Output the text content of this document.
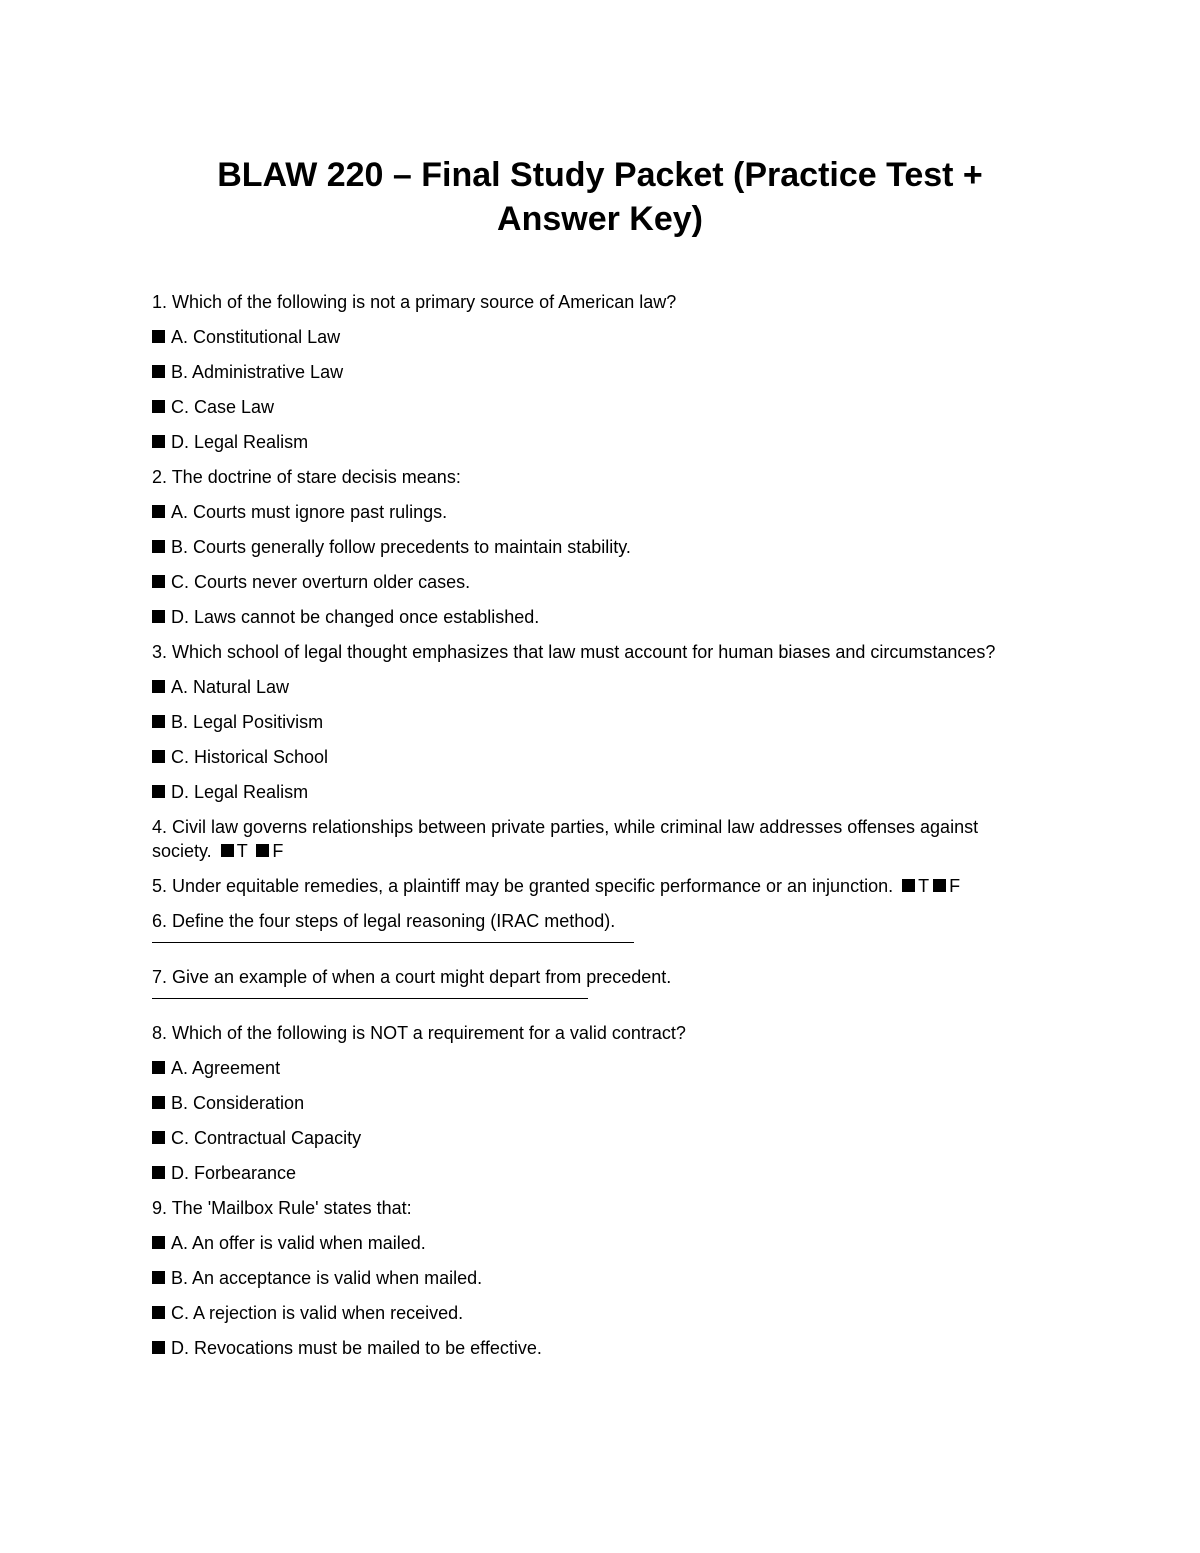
BLAW 220 – Final Study Packet (Practice Test +
Answer Key)

1. Which of the following is not a primary source of American law?

A. Constitutional Law

B. Administrative Law

C. Case Law

D. Legal Realism

2. The doctrine of stare decisis means:

A. Courts must ignore past rulings.

B. Courts generally follow precedents to maintain stability.

C. Courts never overturn older cases.

D. Laws cannot be changed once established.

3. Which school of legal thought emphasizes that law must account for human biases and circumstances?

A. Natural Law

B. Legal Positivism

C. Historical School

D. Legal Realism

4. Civil law governs relationships between private parties, while criminal law addresses offenses against society. T F

5. Under equitable remedies, a plaintiff may be granted specific performance or an injunction. T F

6. Define the four steps of legal reasoning (IRAC method).

7. Give an example of when a court might depart from precedent.

8. Which of the following is NOT a requirement for a valid contract?

A. Agreement

B. Consideration

C. Contractual Capacity

D. Forbearance

9. The 'Mailbox Rule' states that:

A. An offer is valid when mailed.

B. An acceptance is valid when mailed.

C. A rejection is valid when received.

D. Revocations must be mailed to be effective.
